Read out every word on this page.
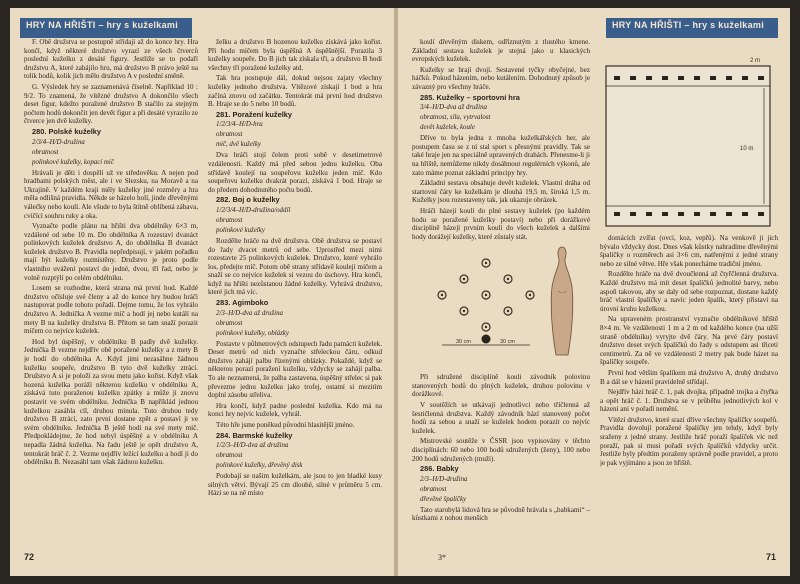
HRY NA HŘIŠTI – hry s kuželkami

F. Obě družstva se postupně střídají až do konce hry. Hra končí, když některé družstvo vyrazí ze všech čtverců poslední kuželku z desáté figury. Jestliže se to podaří družstvu A, které zahájilo hru, má družstvo B právo ještě na tolik hodů, kolik jich mělo družstvo A v poslední směně.

G. Výsledek hry se zaznamenává číselně. Například 10 : 9/2. To znamená, že vítězné družstvo A dokončilo všech deset figur, kdežto poražené družstvo B stačilo za stejným počtem hodů dokončit jen devět figur a při desáté vyrazilo ze čtverce jen dvě kuželky.

280. Polské kuželky

2/3/4–H/D-družina

obratnost

polinkové kuželky, kopací míč

Hrávali je děti i dospělí už ve středověku. A nejen pod hradbami polských měst, ale i ve Slezsku, na Moravě a na Ukrajině. V každém kraji měly kuželky jiné rozměry a hra měla odlišná pravidla. Někde se házelo holí, jinde dřevěnými válečky nebo koulí. Ale všude to byla štítně oblíbená zábava, cvičící souhru ruky a oka.

Vyznačte podle plánu na hřišti dva obdélníky 6×3 m, vzdálené od sebe 10 m. Do obdélníka A rozestaví dvanáct polinkových kuželek družstvo A, do obdélníka B dvanáct kuželek družstvo B. Pravidla nepředpisují, v jakém pořadku mají být kuželky rozmístěny. Družstvo je proto podle vlastního uvážení postaví do jedné, dvou, tří řad, nebo je volně rozptýlí po celém obdélníku.

Losem se rozhodne, která strana má první hod. Každé družstvo očísluje své členy a až do konce hry budou hráči nastupovat podle tohoto pořadí. Dejme tomu, že los vyhrálo družstvo A. Jednička A vezme míč a hodí jej nebo kutálí na mety B na kuželky družstva B. Přitom se tam snaží porazit míčem co nejvíce kuželek.

Hod byl úspěšný, v obdélníku B padly dvě kuželky. Jednička B vezme nejdřív obě poražené kuželky a z mety B je hodí do obdélníka A. Když jimi nezasáhne žádnou kuželku soupeře, družstvo B tyto dvě kuželky ztrácí. Družstvo A si je položí za svou metu jako kořist. Když však hozená kuželka poráží některou kuželku v obdélníku A, získává tuto poraženou kuželku zpátky a může ji znovu postavit ve svém obdélníku. Jednička B napříklád jednou kuželkou zasáhla cíl, druhou minula. Tuto druhou tedy družstvo B ztrácí, zato první dostane zpět a postaví ji ve svém obdélníku. Jednička B ještě hodí na své mety míč. Předpokládejme, že hod nebyl úspěšný a v obdélníku A nepadla žádná kuželka. Na řadu ještě je opět družstvo A, tentokrát hráč č. 2. Vezme nejdřív ležící kuželku a hodí ji do obdélníku B. Nezasáhl tam však žádnou kuželku.

želku a družstvo B hozenou kuželku získává jako kořist. Při hodu míčem byla úspěšná A úspěšnější. Porazila 3 kuželky soupeře. Do B jich tak získala tři, a družstvo B hodí všechny tři poražené kuželky atd.

Tak hra postupuje dál, dokud nejsou zajaty všechny kuželky jednoho družstva. Vítězové získají 1 bod a hra začíná znovu od začátku. Tentokrát má první hod družstvo B. Hraje se do 5 nebo 10 bodů.

281. Poražení kuželky

1/2/3/4–H/D-hra

obratnost

míč, dvě kuželky

Dva hráči stojí čelem proti sobě v desetimetrové vzdálenosti. Každý má před sebou jednu kuželku. Oba střídavě koulejí na soupeřovu kuželku jeden míč. Kdo soupeřovu kuželku dvakrát porazí, získává 1 bod. Hraje se do předem dohodnutého počtu bodů.

282. Boj o kuželky

1/2/3/4–H/D-družina/oddíl

obratnost

polinkové kuželky

Rozdělte hráče na dvě družstva. Obě družstva se postaví do řady dvacet metrů od sebe. Uprostřed mezi nimi rozestavte 25 polinkových kuželek. Družstvo, které vyhrálo los, předejte míč. Potom obě strany střídavě koulejí míčem a snaží se co nejvíce kuželek si vezou do úschovy. Hra končí, když na hřišti nezůstanou žádné kuželky. Vyhrává družstvo, které jich má víc.

283. Agimboko

2/3–H/D-dva až družina

obratnost

polinkové kuželky, oblázky

Postavte v půlmetrových odstupech řadu patnácti kuželek. Deset metrů od nich vyznačte střeleckou čáru, odkud družstvo zahájí palbu řízenými oblázky. Pokaždé, když se některou porazí poražení kuželku, vždycky se zahájí palba. To ale neznamená, že palba zastavena, úspěšný střelec si pak převezme jednu kuželku jako trofej, ostatní si mezitím doplní zásobu střeliva.

Hra končí, když padne poslední kuželka. Kdo má na konci hry nejvíc kuželek, vyhrál.

Této hře jsme poněkud původní hlasitější jméno.

284. Barmské kuželky

1/2/3–H/D-dva až družina

obratnost

polinkové kuželky, dřevěný disk

Podobají se našim kuželkám, ale jsou to jen hladké kusy silných větví. Bývají 25 cm dlouhé, silné v průměru 5 cm. Hází se na ně místo

72
HRY NA HŘIŠTI – hry s kuželkami

koulí dřevěným diskem, odříznutým z tlustého kmene. Základní sestava kuželek je stejná jako u klasických evropských kuželek.

Kuželky se hrají dvojí. Sestavené tyčky obyčejné, bez háčků. Pokud házením, nebo kutálením. Dohodnutý způsob je závazný pro všechny hráče.

285. Kuželky – sportovní hra

3/4–H/D-dva až družina

obratnost, síla, vytrvalost

devět kuželek, koule

Dříve to byla jedna z mnoha kuželkářských her, ale postupem času se z ní stal sport s přesnými pravidly. Tak se také hraje jen na speciálně upravených drahách. Přenesme-li ji na hřiště, nemůžeme nikdy dosáhnout regulérních výkonů, ale zato máme poznat základní principy hry.

Základní sestava obsahuje devět kuželek. Vlastní dráha od startovní čáry ke kuželkám je dlouhá 19,5 m, široká 1,5 m. Kuželky jsou rozestaveny tak, jak ukazuje obrázek.

Hráči házejí koulí do plné sestavy kuželek (po každém hodu se poražené kuželky postaví) nebo při dorážkové disciplíně házejí prvním koulí do všech kuželek a dalšími hody dorážejí kuželky, které zůstaly stát.

30 cm	30 cm

Při sdružené disciplíně kouli závodník polovinu stanovených hodů do plných kuželek, druhou polovinu v dorážkové.

V soutěžích se utkávají jednotlivci nebo třičlenná až šestičlenná družstva. Každý závodník hází stanovený počet hodů za sebou a snaží se kuželek hodem porazit co nejvíc kuželek.

Mistrovské soutěže v ČSSR jsou vypisovány v těchto disciplínách: 60 nebo 100 hodů sdružených (ženy), 100 nebo 200 hodů sdružených (muži).

286. Babky

2/3–H/D-družina

obratnost

dřevěné špalíčky

Tato starobylá lidová hra se původně hrávala s „babkami“ – kůstkami z nohou menších

10 m
2 m

domácích zvířat (ovcí, koz, vepřů). Na venkově ji jich bývalo vždycky dost. Dnes však kůstky nahradíme dřevěnými špalíčky o rozměrech asi 3×6 cm, natřenými z jedné strany nebo ze silné větve. Hře však ponecháme tradiční jméno.

Rozdělte hráče na dvě dvoučlenná až čtyřčlenná družstva. Každé družstvo má mít deset špalíčků jednolité barvy, nebo aspoň takovou, aby se daly od sebe rozpoznat, dostane každý hráč vlastní špalíčky a navíc jeden špalík, který přistaví na úrovni kruhu kuželkou.

Na upraveném prostranství vyznačte obdélníkové hřiště 8×4 m. Ve vzdálenosti 1 m a 2 m od každého konce (na užší straně obdélníku) vyryjte dvě čáry. Na prvé čáry postaví družstvo deset svých špalíčků do řady s odstupem asi třiceti centimetrů. Za ně ve vzdálenosti 2 metry pak bude házet na špalíčky soupeře.

První hod větším špalíkem má družstvo A, druhý družstvo B a dál se v házení pravidelně střídají.

Nejdřív hází hráč č. 1, pak dvojka, případně trojka a čtyřka a opět hráč č. 1. Družstva se v průběhu jednotlivých kol v házení ani v pořadí nemění.

Vítězí družstvo, které srazí dříve všechny špalíčky soupeřů. Pravidla dovolují poražené špalíčky jen tehdy, když byly sraženy z jedné strany. Jestliže hráč poraží špalíček víc než poraží, pak si musí pořadí svých špalíčků vždycky určit. Jestliže byly předtím poraženy správně podle pravidel, a proto je pak vyjímáno a jsou ze hřiště.

3*	71
